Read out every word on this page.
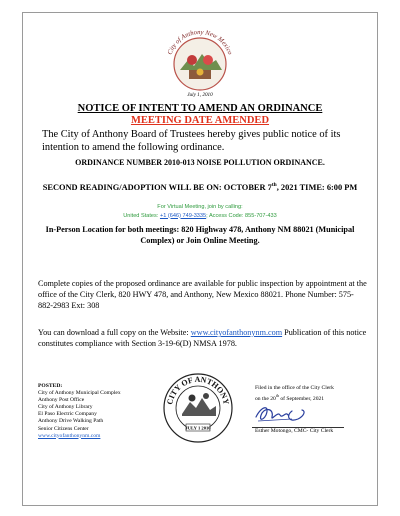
City of Anthony New Mexico
July 1, 2010
NOTICE OF INTENT TO AMEND AN ORDINANCE
MEETING DATE AMENDED
The City of Anthony Board of Trustees hereby gives public notice of its intention to amend the following ordinance.
ORDINANCE NUMBER 2010-013 NOISE POLLUTION ORDINANCE.
SECOND READING/ADOPTION WILL BE ON: OCTOBER 7th, 2021 TIME: 6:00 PM
For Virtual Meeting, join by calling:
United States: +1 (646) 749-3335; Access Code: 855-707-433
In-Person Location for both meetings: 820 Highway 478, Anthony NM 88021 (Municipal Complex) or Join Online Meeting.
Complete copies of the proposed ordinance are available for public inspection by appointment at the office of the City Clerk, 820 HWY 478, and Anthony, New Mexico 88021. Phone Number: 575-882-2983 Ext: 308
You can download a full copy on the Website: www.cityofanthonynm.com Publication of this notice constitutes compliance with Section 3-19-6(D) NMSA 1978.
POSTED:
City of Anthony Municipal Complex
Anthony Post Office
City of Anthony Library
El Paso Electric Company
Anthony Drive Walking Path
Senior Citizens Center
www.cityofanthonynm.com
CITY OF ANTHONY
JULY 1 2010
Filed in the office of the City Clerk
on the 20th of September, 2021
Esther Motongo, CMC- City Clerk
